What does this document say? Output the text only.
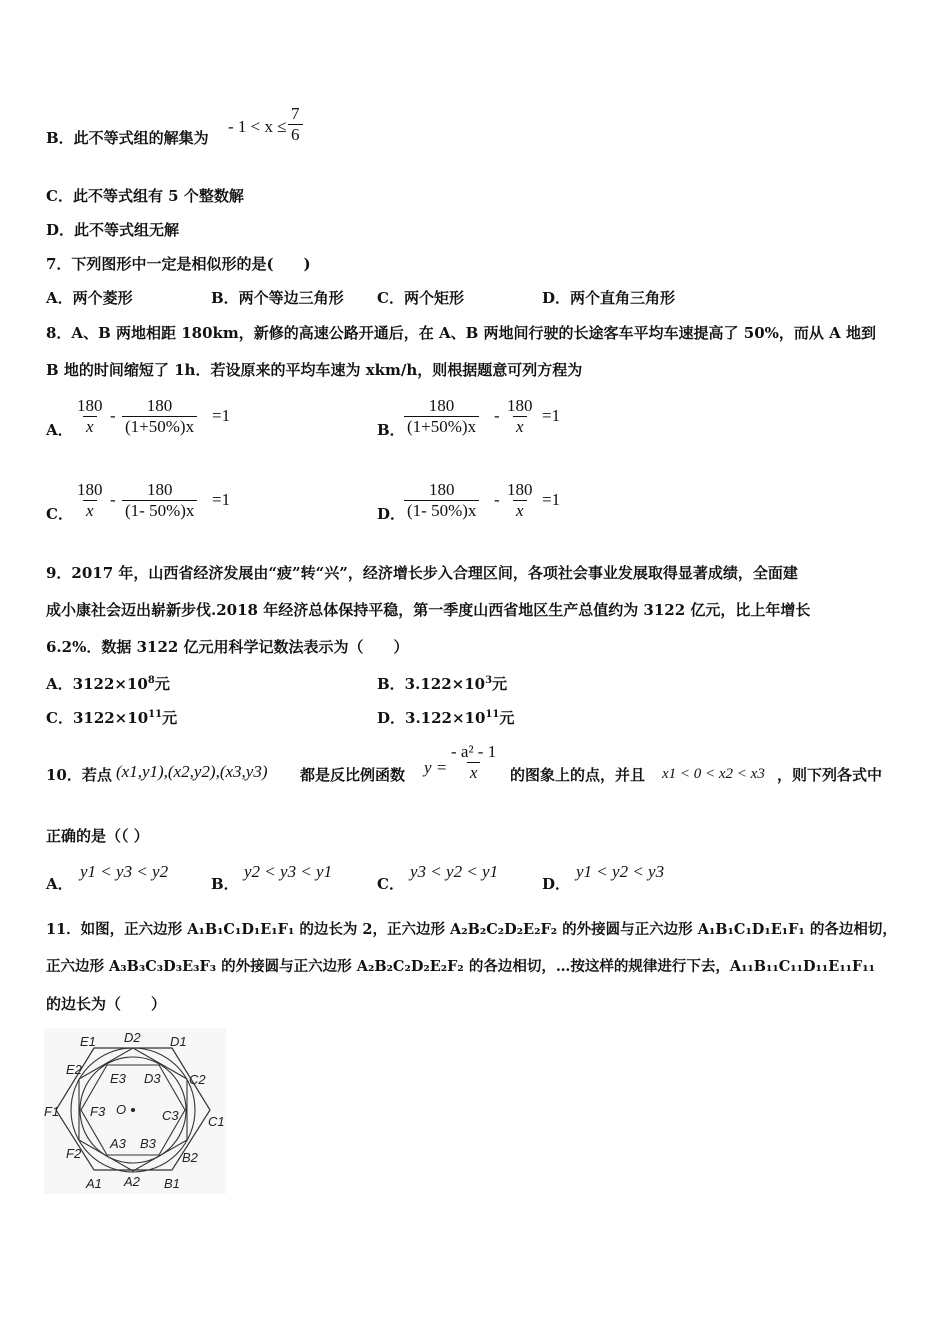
B．此不等式组的解集为
- $1 < x \le \frac{7}{6}$
C．此不等式组有 5 个整数解
D．此不等式组无解
7．下列图形中一定是相似形的是(　　)
A．两个菱形	B．两个等边三角形 C．两个矩形	D．两个直角三角形
8．A、B 两地相距 180km，新修的高速公路开通后，在 A、B 两地间行驶的长途客车平均车速提高了 50%，而从 A 地到
B 地的时间缩短了 1h．若设原来的平均车速为 xkm/h，则根据题意可列方程为
A． $\frac{180}{x} - \frac{180}{(1+50\%)x} =1$
B． $\frac{180}{(1+50\%)x} - \frac{180}{x} =1$
C． $\frac{180}{x} - \frac{180}{(1- 50\%)x} =1$
D．
$\frac{180}{(1- 50\%)x} - \frac{180}{x} =1$
9．2017 年，山西省经济发展由“疲”转“兴”，经济增长步入合理区间，各项社会事业发展取得显著成绩，全面建
成小康社会迈出崭新步伐.2018 年经济总体保持平稳，第一季度山西省地区生产总值约为 3122 亿元，比上年增长
6.2%．数据 3122 亿元用科学记数法表示为（　　）
A．$3122\times 10^8$元	B．$3.122\times 10^3$元
C．$3122\times 10^{11}$元	D．$3.122\times 10^{11}$元
10．若点 (x1,y1),(x2,y2),(x3,y3) 都是反比例函数 $y = \frac{\text{- a² - 1}}{x}$ 的图象上的点，并且 x1 < 0 < x2 < x3 ，则下列各式中
正确的是（（ ）
A．
y1 < y3 < y2
B．
y2 < y3 < y1
C．
y3 < y2 < y1
D．
y1 < y2 < y3
11．如图，正六边形 A₁B₁C₁D₁E₁F₁ 的边长为 2，正六边形 A₂B₂C₂D₂E₂F₂ 的外接圆与正六边形 A₁B₁C₁D₁E₁F₁ 的各边相切，
正六边形 A₃B₃C₃D₃E₃F₃ 的外接圆与正六边形 A₂B₂C₂D₂E₂F₂ 的各边相切，…按这样的规律进行下去，A₁₁B₁₁C₁₁D₁₁E₁₁F₁₁
的边长为（　　）
E1 D2 D1
E2
C2
E3 D3
F1 F3 O	C3 C1
A3 B3
F2	B2
A1 A2 B1
